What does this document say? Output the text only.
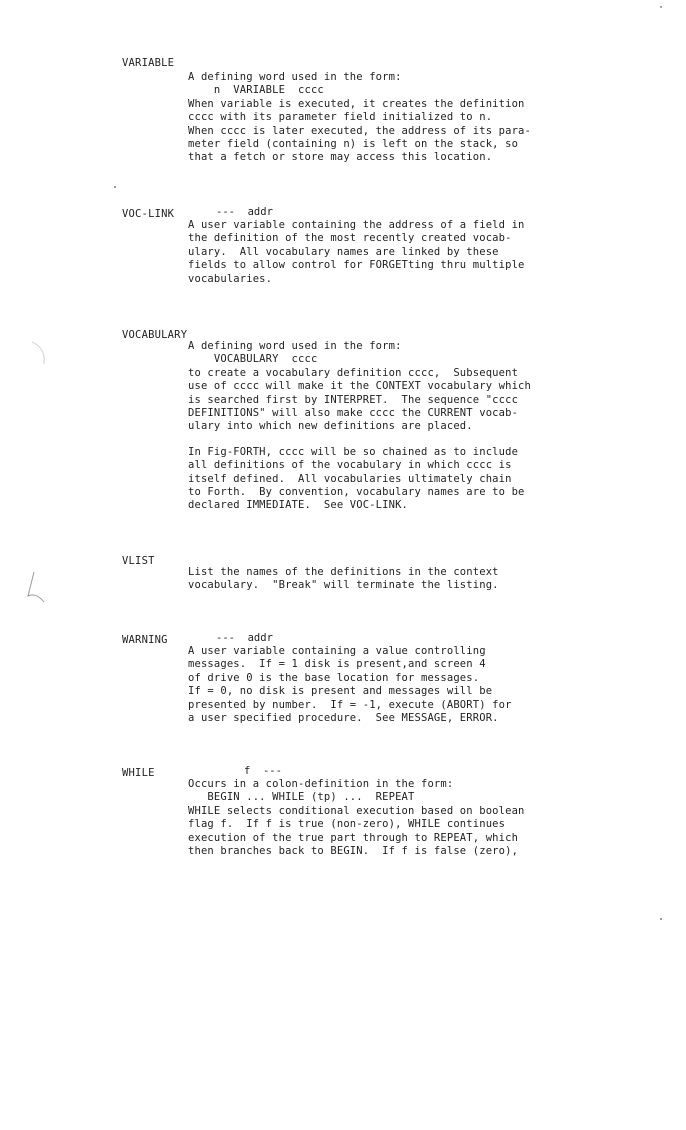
VARIABLE
A defining word used in the form:
n  VARIABLE  cccc
When variable is executed, it creates the definition
cccc with its parameter field initialized to n.
When cccc is later executed, the address of its para-
meter field (containing n) is left on the stack, so
that a fetch or store may access this location.
VOC-LINK	---  addr
A user variable containing the address of a field in
the definition of the most recently created vocab-
ulary.  All vocabulary names are linked by these
fields to allow control for FORGETting thru multiple
vocabularies.
VOCABULARY
A defining word used in the form:
VOCABULARY  cccc
to create a vocabulary definition cccc,  Subsequent
use of cccc will make it the CONTEXT vocabulary which
is searched first by INTERPRET.  The sequence "cccc
DEFINITIONS" will also make cccc the CURRENT vocab-
ulary into which new definitions are placed.
In Fig-FORTH, cccc will be so chained as to include
all definitions of the vocabulary in which cccc is
itself defined.  All vocabularies ultimately chain
to Forth.  By convention, vocabulary names are to be
declared IMMEDIATE.  See VOC-LINK.
VLIST
List the names of the definitions in the context
vocabulary.  "Break" will terminate the listing.
WARNING	---  addr
A user variable containing a value controlling
messages.  If = 1 disk is present,and screen 4
of drive 0 is the base location for messages.
If = 0, no disk is present and messages will be
presented by number.  If = -1, execute (ABORT) for
a user specified procedure.  See MESSAGE, ERROR.
WHILE	f  ---
Occurs in a colon-definition in the form:
BEGIN ... WHILE (tp) ...  REPEAT
WHILE selects conditional execution based on boolean
flag f.  If f is true (non-zero), WHILE continues
execution of the true part through to REPEAT, which
then branches back to BEGIN.  If f is false (zero),
